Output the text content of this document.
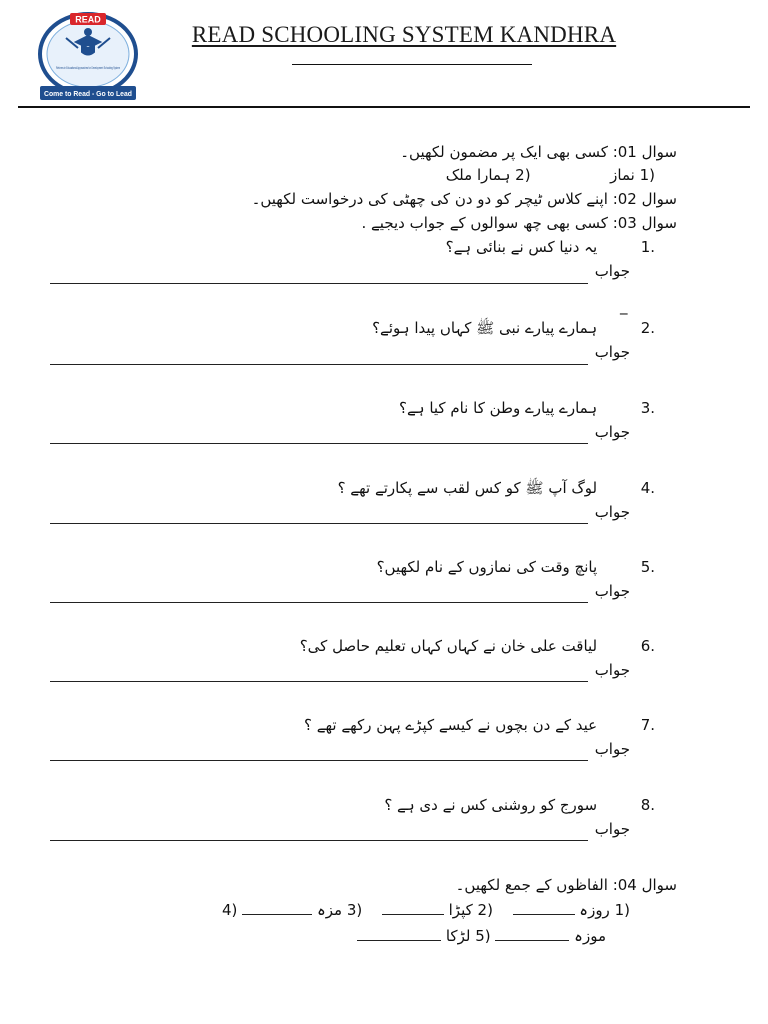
READ
Reforms in Educational Approaches for Development Schooling System
Come to Read - Go to Lead
READ SCHOOLING SYSTEM KANDHRA
سوال 01: کسی بھی ایک پر مضمون لکھیں۔
1) نماز  2) ہمارا ملک
سوال 02: اپنے کلاس ٹیچر کو دو دن کی چھٹی کی درخواست لکھیں۔
سوال 03: کسی بھی چھ سوالوں کے جواب دیجیے .
1.  یہ دنیا کس نے بنائی ہے؟
جواب
_
2.  ہمارے پیارے نبی ﷺ کہاں پیدا ہوئے؟
جواب
3.  ہمارے پیارے وطن کا نام کیا ہے؟
جواب
4.  لوگ آپ ﷺ کو کس لقب سے پکارتے تھے ؟
جواب
5.  پانچ وقت کی نمازوں کے نام لکھیں؟
جواب
6.  لیاقت علی خان نے کہاں کہاں تعلیم حاصل کی؟
جواب
7.  عید کے دن بچوں نے کیسے کپڑے پہن رکھے تھے ؟
جواب
8.  سورج کو روشنی کس نے دی ہے ؟
جواب
سوال 04: الفاظوں کے جمع لکھیں۔
1) روزہ   2) کپڑا   3) مزہ  4)
موزہ  5) لڑکا
